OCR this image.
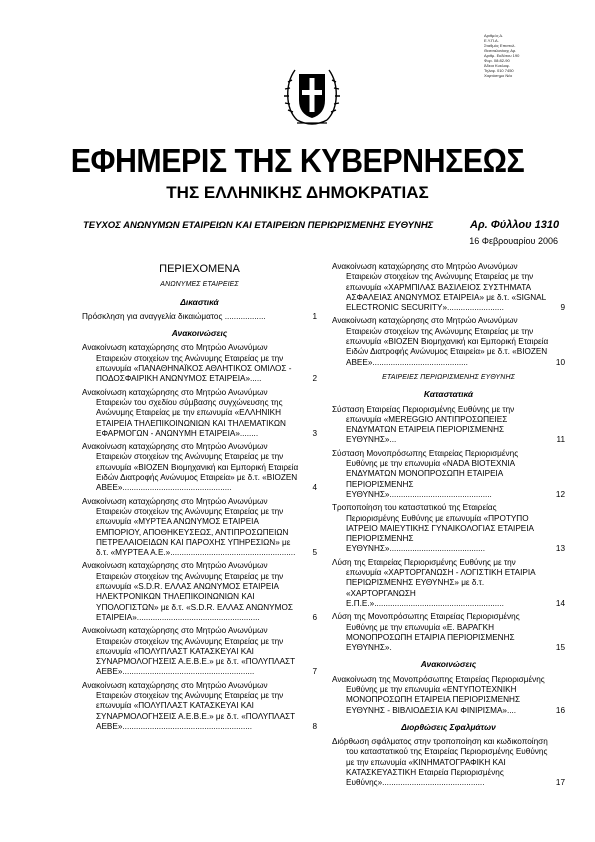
Αριθμός Δ.
Ε.Υ.Π.Α.
Σταθμός Επιστολ.
Θεσσαλονίκης Αρ.
Αριθμ. Εκδότου 190
Φορ. 08:82-90
Άδεια Κυκλοφ.
Τηλεφ. 010 7450
Χαρτόσημο Νέο
ΕΦΗΜΕΡΙΣ ΤΗΣ ΚΥΒΕΡΝΗΣΕΩΣ
ΤΗΣ ΕΛΛΗΝΙΚΗΣ ΔΗΜΟΚΡΑΤΙΑΣ
ΤΕΥΧΟΣ ΑΝΩΝΥΜΩΝ ΕΤΑΙΡΕΙΩΝ ΚΑΙ ΕΤΑΙΡΕΙΩΝ ΠΕΡΙΩΡΙΣΜΕΝΗΣ ΕΥΘΥΝΗΣ	Αρ. Φύλλου 1310
16 Φεβρουαρίου 2006
ΠΕΡΙΕΧΟΜΕΝΑ
ΑΝΩΝΥΜΕΣ ΕΤΑΙΡΕΙΕΣ
Δικαστικά
Πρόσκληση για αναγγελία δικαιώματος ..................	1
Ανακοινώσεις
Ανακοίνωση καταχώρησης στο Μητρώο Ανωνύμων Εταιρειών στοιχείων της Ανώνυμης Εταιρείας με την επωνυμία «ΠΑΝΑΘΗΝΑΪΚΟΣ ΑΘΛΗΤΙΚΟΣ ΟΜΙΛΟΣ - ΠΟΔΟΣΦΑΙΡΙΚΗ ΑΝΩΝΥΜΟΣ ΕΤΑΙΡΕΙΑ».....	2
Ανακοίνωση καταχώρησης στο Μητρώο Ανωνύμων Εταιρειών του σχεδίου σύμβασης συγχώνευσης της Ανώνυμης Εταιρείας με την επωνυμία «ΕΛΛΗΝΙΚΗ ΕΤΑΙΡΕΙΑ ΤΗΛΕΠΙΚΟΙΝΩΝΙΩΝ ΚΑΙ ΤΗΛΕΜΑΤΙΚΩΝ ΕΦΑΡΜΟΓΩΝ - ΑΝΩΝΥΜΗ ΕΤΑΙΡΕΙΑ»........	3
Ανακοίνωση καταχώρησης στο Μητρώο Ανωνύμων Εταιρειών στοιχείων της Ανώνυμης Εταιρείας με την επωνυμία «ΒΙΟΖΕΝ Βιομηχανική και Εμπορική Εταιρεία Ειδών Διατροφής Ανώνυμος Εταιρεία» με δ.τ. «ΒΙΟΖΕΝ ΑΒΕΕ»................................................	4
Ανακοίνωση καταχώρησης στο Μητρώο Ανωνύμων Εταιρειών στοιχείων της Ανώνυμης Εταιρείας με την επωνυμία «ΜΥΡΤΕΑ ΑΝΩΝΥΜΟΣ ΕΤΑΙΡΕΙΑ ΕΜΠΟΡΙΟΥ, ΑΠΟΘΗΚΕΥΣΕΩΣ, ΑΝΤΙΠΡΟΣΩΠΕΙΩΝ ΠΕΤΡΕΛΑΙΟΕΙΔΩΝ ΚΑΙ ΠΑΡΟΧΗΣ ΥΠΗΡΕΣΙΩΝ» με δ.τ. «ΜΥΡΤΕΑ Α.Ε.».......................................................	5
Ανακοίνωση καταχώρησης στο Μητρώο Ανωνύμων Εταιρειών στοιχείων της Ανώνυμης Εταιρείας με την επωνυμία «S.D.R. ΕΛΛΑΣ ΑΝΩΝΥΜΟΣ ΕΤΑΙΡΕΙΑ ΗΛΕΚΤΡΟΝΙΚΩΝ ΤΗΛΕΠΙΚΟΙΝΩΝΙΩΝ ΚΑΙ ΥΠΟΛΟΓΙΣΤΩΝ» με δ.τ. «S.D.R. ΕΛΛΑΣ ΑΝΩΝΥΜΟΣ ΕΤΑΙΡΕΙΑ»......................................................	6
Ανακοίνωση καταχώρησης στο Μητρώο Ανωνύμων Εταιρειών στοιχείων της Ανώνυμης Εταιρείας με την επωνυμία «ΠΟΛΥΠΛΑΣΤ ΚΑΤΑΣΚΕΥΑΙ ΚΑΙ ΣΥΝΑΡΜΟΛΟΓΗΣΕΙΣ Α.Ε.Β.Ε.» με δ.τ. «ΠΟΛΥΠΛΑΣΤ ΑΕΒΕ»..........................................................	7
Ανακοίνωση καταχώρησης στο Μητρώο Ανωνύμων Εταιρειών στοιχείων της Ανώνυμης Εταιρείας με την επωνυμία «ΠΟΛΥΠΛΑΣΤ ΚΑΤΑΣΚΕΥΑΙ ΚΑΙ ΣΥΝΑΡΜΟΛΟΓΗΣΕΙΣ Α.Ε.Β.Ε.» με δ.τ. «ΠΟΛΥΠΛΑΣΤ ΑΕΒΕ».........................................................	8
Ανακοίνωση καταχώρησης στο Μητρώο Ανωνύμων Εταιρειών στοιχείων της Ανώνυμης Εταιρείας με την επωνυμία «ΧΑΡΜΠΙΛΑΣ ΒΑΣΙΛΕΙΟΣ ΣΥΣΤΗΜΑΤΑ ΑΣΦΑΛΕΙΑΣ ΑΝΩΝΥΜΟΣ ΕΤΑΙΡΕΙΑ» με δ.τ. «SIGNAL ELECTRONIC SECURITY».........................	9
Ανακοίνωση καταχώρησης στο Μητρώο Ανωνύμων Εταιρειών στοιχείων της Ανώνυμης Εταιρείας με την επωνυμία «ΒΙΟΖΕΝ Βιομηχανική και Εμπορική Εταιρεία Ειδών Διατροφής Ανώνυμος Εταιρεία» με δ.τ. «ΒΙΟΖΕΝ ΑΒΕΕ»..........................................	10
ΕΤΑΙΡΕΙΕΣ ΠΕΡΙΩΡΙΣΜΕΝΗΣ ΕΥΘΥΝΗΣ
Καταστατικά
Σύσταση Εταιρείας Περιορισμένης Ευθύνης με την επωνυμία «MEREGGIO ΑΝΤΙΠΡΟΣΩΠΕΙΕΣ ΕΝΔΥΜΑΤΩΝ ΕΤΑΙΡΕΙΑ ΠΕΡΙΟΡΙΣΜΕΝΗΣ ΕΥΘΥΝΗΣ»...	11
Σύσταση Μονοπρόσωπης Εταιρείας Περιορισμένης Ευθύνης με την επωνυμία «NADA ΒΙΟΤΕΧΝΙΑ ΕΝΔΥΜΑΤΩΝ ΜΟΝΟΠΡΟΣΩΠΗ ΕΤΑΙΡΕΙΑ ΠΕΡΙΟΡΙΣΜΕΝΗΣ ΕΥΘΥΝΗΣ».............................................	12
Τροποποίηση του καταστατικού της Εταιρείας Περιορισμένης Ευθύνης με επωνυμία «ΠΡΟΤΥΠΟ ΙΑΤΡΕΙΟ ΜΑΙΕΥΤΙΚΗΣ ΓΥΝΑΙΚΟΛΟΓΙΑΣ ΕΤΑΙΡΕΙΑ ΠΕΡΙΟΡΙΣΜΕΝΗΣ ΕΥΘΥΝΗΣ»..........................................	13
Λύση της Εταιρείας Περιορισμένης Ευθύνης με την επωνυμία «ΧΑΡΤΟΡΓΑΝΩΣΗ - ΛΟΓΙΣΤΙΚΗ ΕΤΑΙΡΙΑ ΠΕΡΙΩΡΙΣΜΕΝΗΣ ΕΥΘΥΝΗΣ» με δ.τ. «ΧΑΡΤΟΡΓΑΝΩΣΗ Ε.Π.Ε.».........................................................	14
Λύση της Μονοπρόσωπης Εταιρείας Περιορισμένης Ευθύνης με την επωνυμία «Ε. ΒΑΡΑΓΚΗ ΜΟΝΟΠΡΟΣΩΠΗ ΕΤΑΙΡΙΑ ΠΕΡΙΟΡΙΣΜΕΝΗΣ ΕΥΘΥΝΗΣ».	15
Ανακοινώσεις
Ανακοίνωση της Μονοπρόσωπης Εταιρείας Περιορισμένης Ευθύνης με την επωνυμία «ΕΝΤΥΠΟΤΕΧΝΙΚΗ ΜΟΝΟΠΡΟΣΩΠΗ ΕΤΑΙΡΕΙΑ ΠΕΡΙΟΡΙΣΜΕΝΗΣ ΕΥΘΥΝΗΣ - ΒΙΒΛΙΟΔΕΣΙΑ ΚΑΙ ΦΙΝΙΡΙΣΜΑ»....	16
Διορθώσεις Σφαλμάτων
Διόρθωση σφάλματος στην τροποποίηση και κωδικοποίηση του καταστατικού της Εταιρείας Περιορισμένης Ευθύνης με την επωνυμία «ΚΙΝΗΜΑΤΟΓΡΑΦΙΚΗ ΚΑΙ ΚΑΤΑΣΚΕΥΑΣΤΙΚΗ Εταιρεία Περιορισμένης Ευθύνης».............................................	17
